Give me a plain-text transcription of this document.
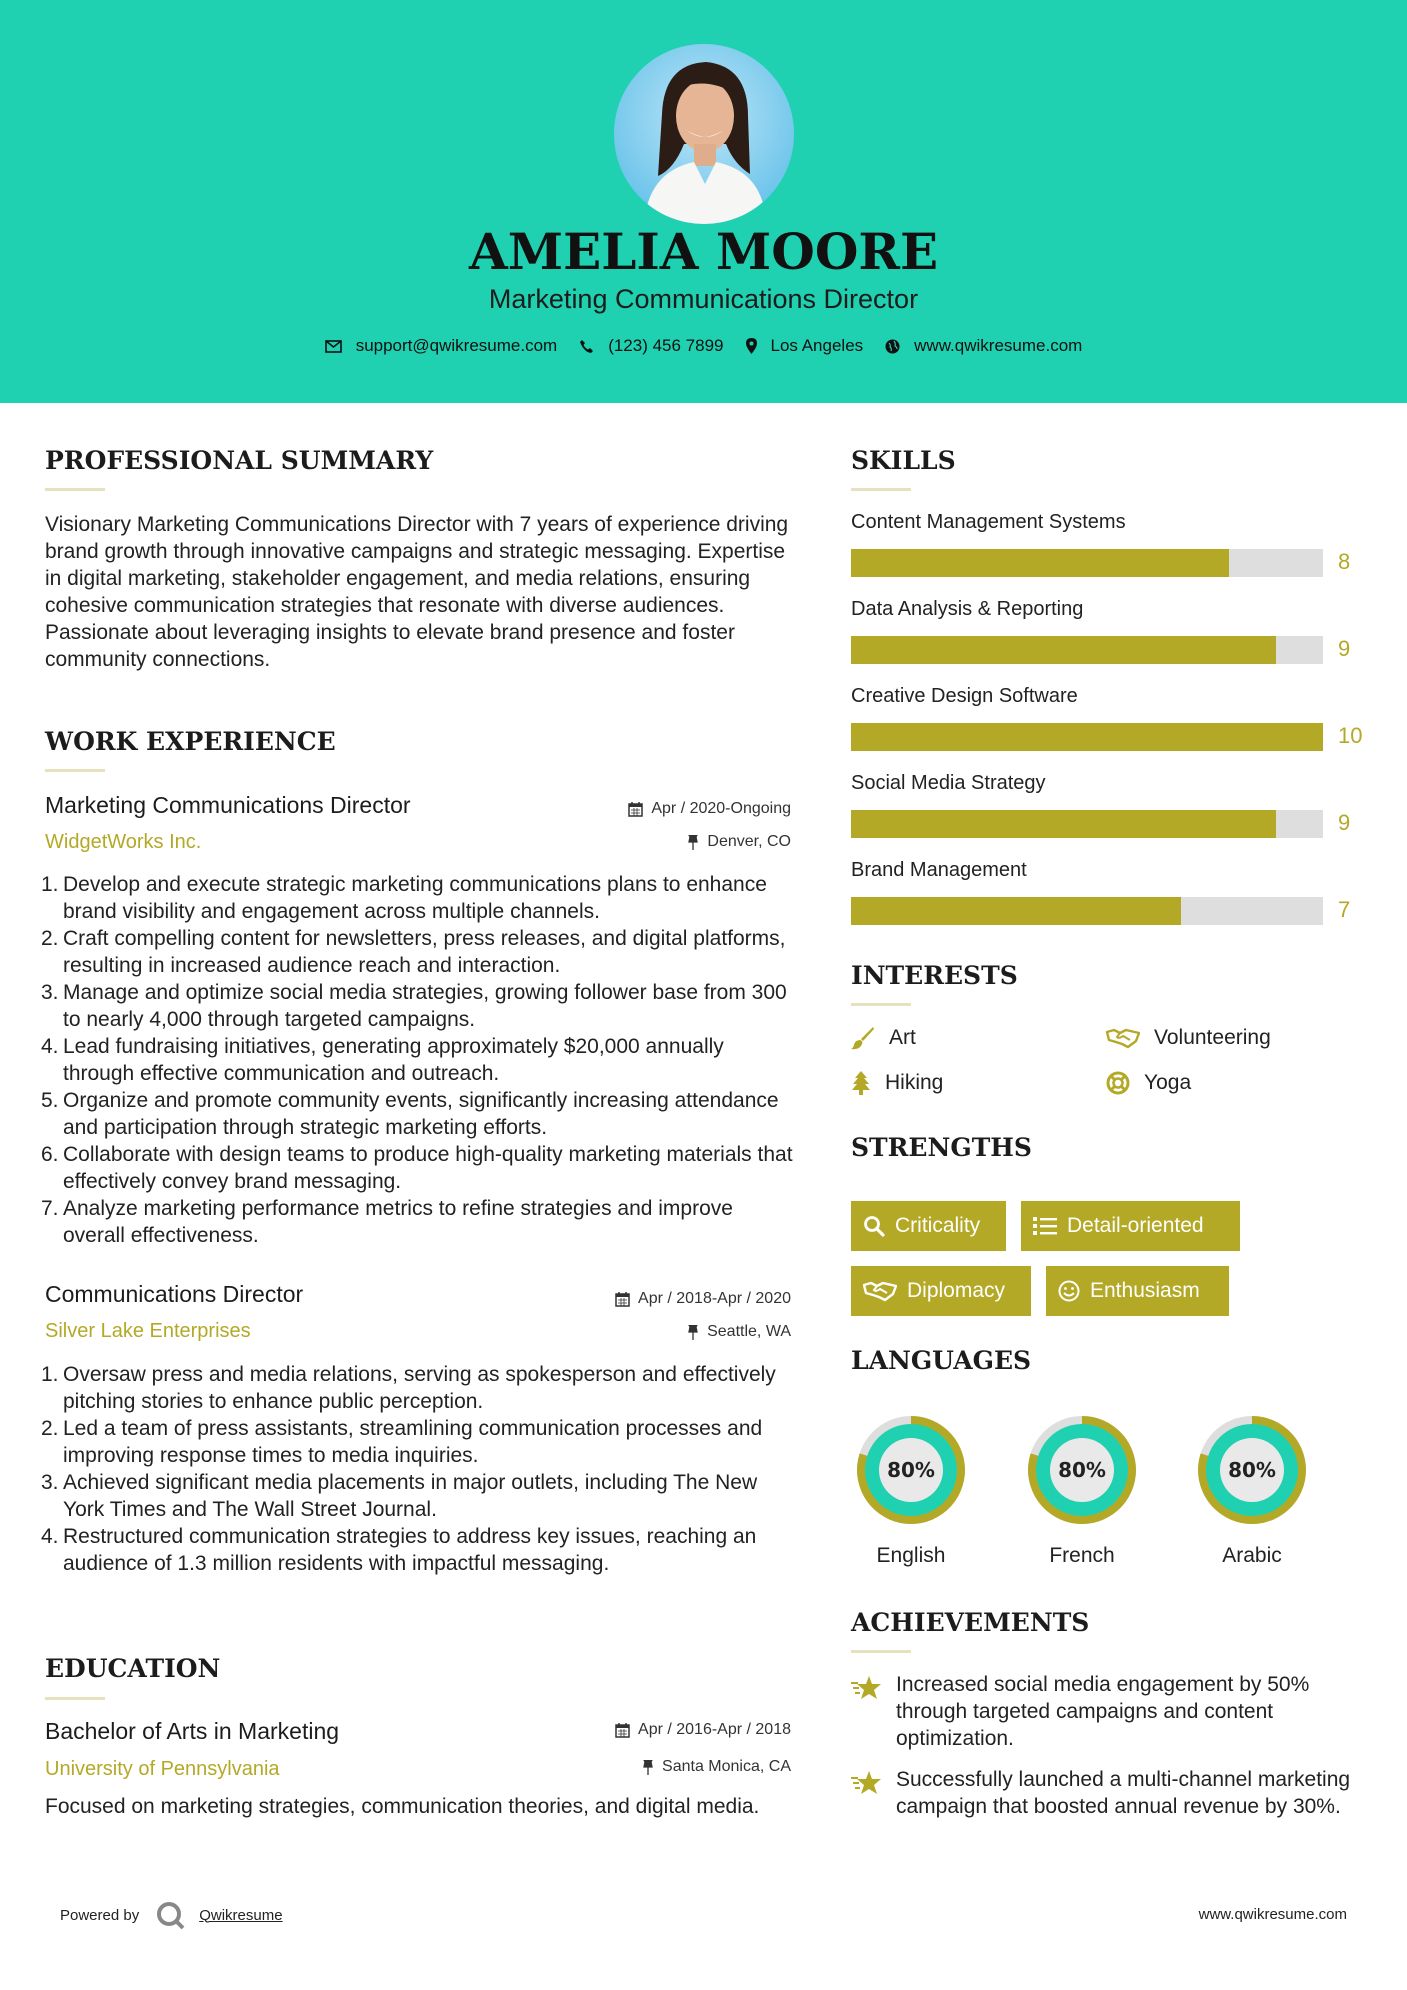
AMELIA MOORE
Marketing Communications Director
support@qwikresume.com	(123) 456 7899	Los Angeles	www.qwikresume.com
PROFESSIONAL SUMMARY
Visionary Marketing Communications Director with 7 years of experience driving brand growth through innovative campaigns and strategic messaging. Expertise in digital marketing, stakeholder engagement, and media relations, ensuring cohesive communication strategies that resonate with diverse audiences. Passionate about leveraging insights to elevate brand presence and foster community connections.
WORK EXPERIENCE
Marketing Communications Director	Apr / 2020-Ongoing
WidgetWorks Inc.	Denver, CO
1. Develop and execute strategic marketing communications plans to enhance brand visibility and engagement across multiple channels.
2. Craft compelling content for newsletters, press releases, and digital platforms, resulting in increased audience reach and interaction.
3. Manage and optimize social media strategies, growing follower base from 300 to nearly 4,000 through targeted campaigns.
4. Lead fundraising initiatives, generating approximately $20,000 annually through effective communication and outreach.
5. Organize and promote community events, significantly increasing attendance and participation through strategic marketing efforts.
6. Collaborate with design teams to produce high-quality marketing materials that effectively convey brand messaging.
7. Analyze marketing performance metrics to refine strategies and improve overall effectiveness.
Communications Director	Apr / 2018-Apr / 2020
Silver Lake Enterprises	Seattle, WA
1. Oversaw press and media relations, serving as spokesperson and effectively pitching stories to enhance public perception.
2. Led a team of press assistants, streamlining communication processes and improving response times to media inquiries.
3. Achieved significant media placements in major outlets, including The New York Times and The Wall Street Journal.
4. Restructured communication strategies to address key issues, reaching an audience of 1.3 million residents with impactful messaging.
EDUCATION
Bachelor of Arts in Marketing	Apr / 2016-Apr / 2018
University of Pennsylvania	Santa Monica, CA
Focused on marketing strategies, communication theories, and digital media.
SKILLS
Content Management Systems
8
Data Analysis & Reporting
9
Creative Design Software
10
Social Media Strategy
9
Brand Management
7
INTERESTS
Art	Volunteering
Hiking	Yoga
STRENGTHS
Criticality	Detail-oriented
Diplomacy	Enthusiasm
LANGUAGES
80%
English
80%
French
80%
Arabic
ACHIEVEMENTS
Increased social media engagement by 50% through targeted campaigns and content optimization.
Successfully launched a multi-channel marketing campaign that boosted annual revenue by 30%.
Powered by	Qwikresume	www.qwikresume.com
